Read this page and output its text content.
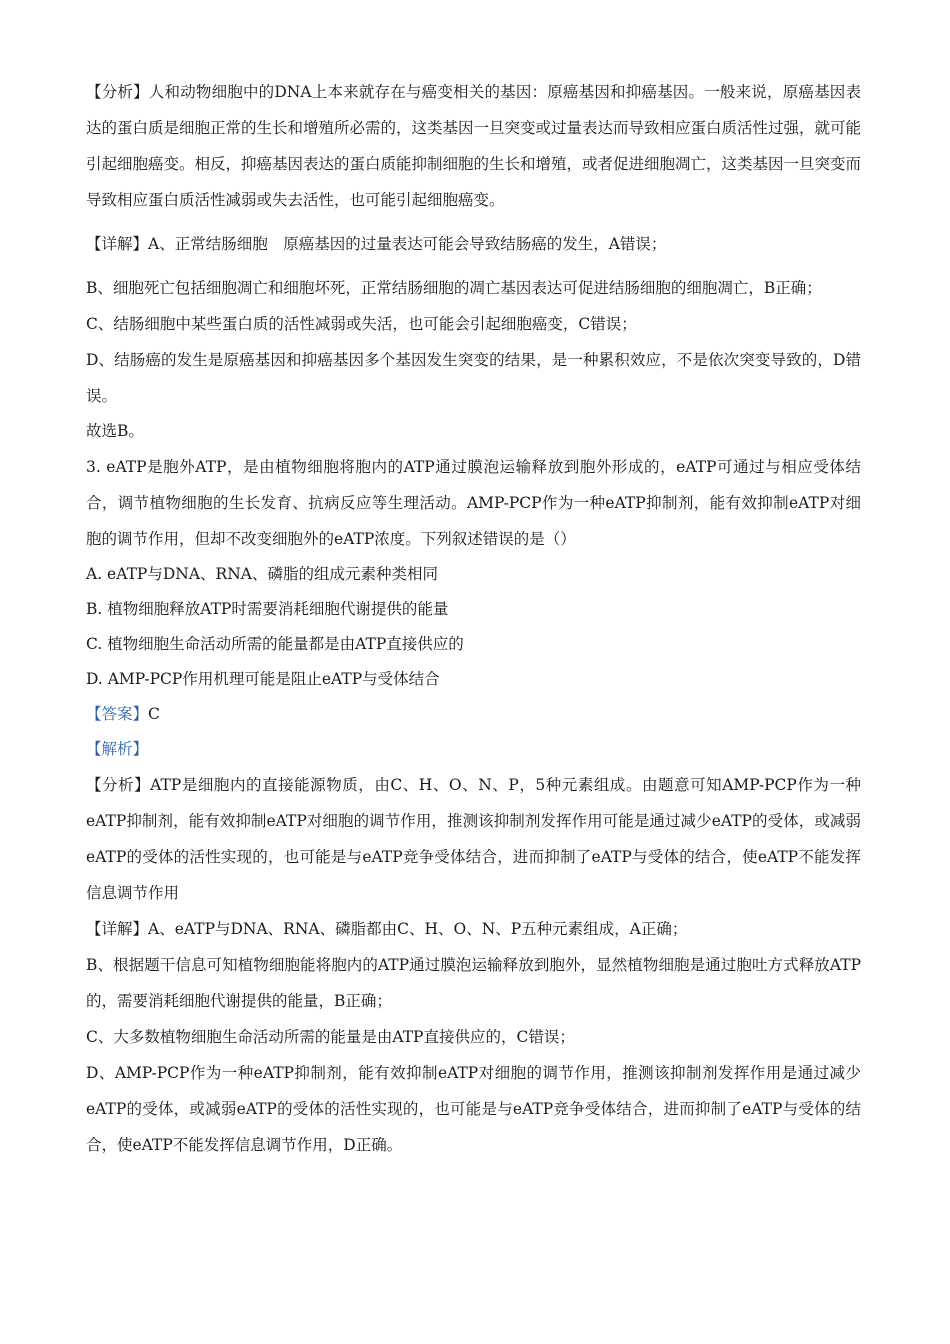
【分析】人和动物细胞中的DNA上本来就存在与癌变相关的基因：原癌基因和抑癌基因。一般来说，原癌基因表达的蛋白质是细胞正常的生长和增殖所必需的，这类基因一旦突变或过量表达而导致相应蛋白质活性过强，就可能引起细胞癌变。相反，抑癌基因表达的蛋白质能抑制细胞的生长和增殖，或者促进细胞凋亡，这类基因一旦突变而导致相应蛋白质活性减弱或失去活性，也可能引起细胞癌变。

【详解】A、正常结肠细胞　原癌基因的过量表达可能会导致结肠癌的发生，A错误；

B、细胞死亡包括细胞凋亡和细胞坏死，正常结肠细胞的凋亡基因表达可促进结肠细胞的细胞凋亡，B正确；

C、结肠细胞中某些蛋白质的活性减弱或失活，也可能会引起细胞癌变，C错误；

D、结肠癌的发生是原癌基因和抑癌基因多个基因发生突变的结果，是一种累积效应，不是依次突变导致的，D错误。

故选B。

3. eATP是胞外ATP，是由植物细胞将胞内的ATP通过膜泡运输释放到胞外形成的，eATP可通过与相应受体结合，调节植物细胞的生长发育、抗病反应等生理活动。AMP-PCP作为一种eATP抑制剂，能有效抑制eATP对细胞的调节作用，但却不改变细胞外的eATP浓度。下列叙述错误的是（）

A. eATP与DNA、RNA、磷脂的组成元素种类相同

B. 植物细胞释放ATP时需要消耗细胞代谢提供的能量

C. 植物细胞生命活动所需的能量都是由ATP直接供应的

D. AMP-PCP作用机理可能是阻止eATP与受体结合

【答案】C

【解析】

【分析】ATP是细胞内的直接能源物质，由C、H、O、N、P，5种元素组成。由题意可知AMP-PCP作为一种eATP抑制剂，能有效抑制eATP对细胞的调节作用，推测该抑制剂发挥作用可能是通过减少eATP的受体，或减弱eATP的受体的活性实现的，也可能是与eATP竞争受体结合，进而抑制了eATP与受体的结合，使eATP不能发挥信息调节作用

【详解】A、eATP与DNA、RNA、磷脂都由C、H、O、N、P五种元素组成，A正确；

B、根据题干信息可知植物细胞能将胞内的ATP通过膜泡运输释放到胞外，显然植物细胞是通过胞吐方式释放ATP的，需要消耗细胞代谢提供的能量，B正确；

C、大多数植物细胞生命活动所需的能量是由ATP直接供应的，C错误；

D、AMP-PCP作为一种eATP抑制剂，能有效抑制eATP对细胞的调节作用，推测该抑制剂发挥作用是通过减少eATP的受体，或减弱eATP的受体的活性实现的，也可能是与eATP竞争受体结合，进而抑制了eATP与受体的结合，使eATP不能发挥信息调节作用，D正确。
